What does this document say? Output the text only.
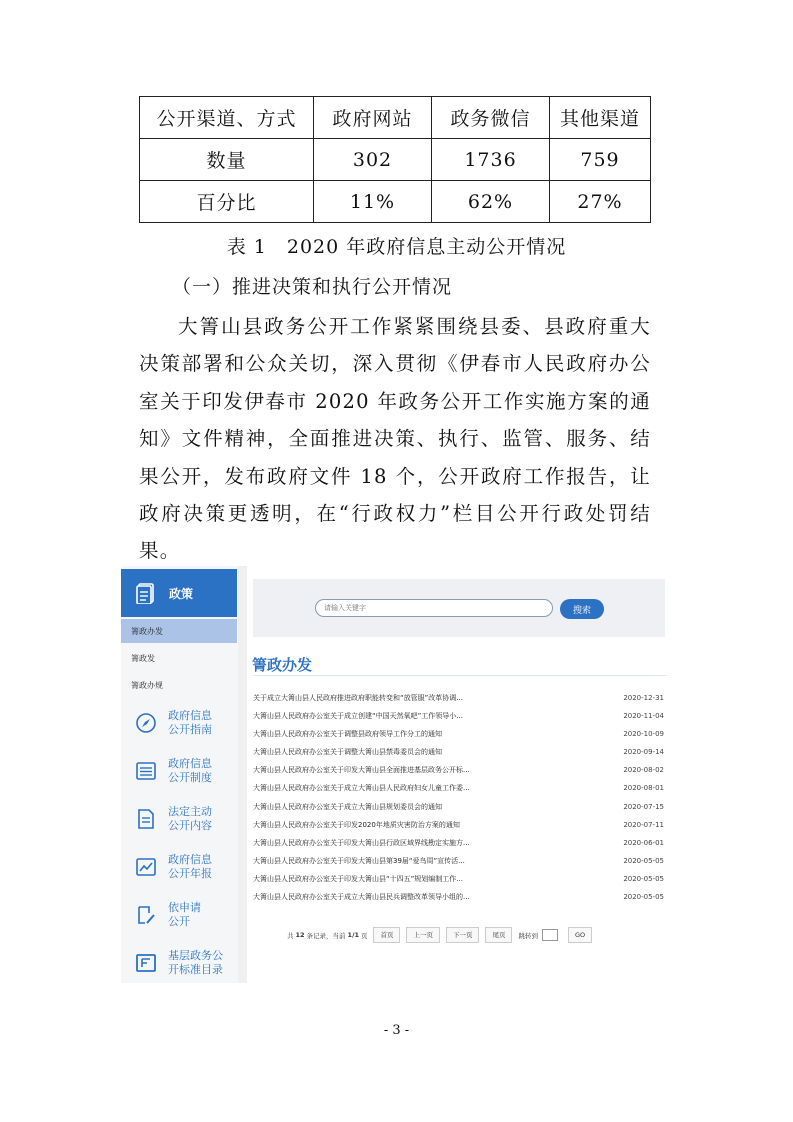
公开渠道、方式	政府网站	政务微信	其他渠道
数量	302	1736	759
百分比	11%	62%	27%
表 1　2020 年政府信息主动公开情况
（一）推进决策和执行公开情况

大箐山县政务公开工作紧紧围绕县委、县政府重大决策部署和公众关切，深入贯彻《伊春市人民政府办公室关于印发伊春市 2020 年政务公开工作实施方案的通知》文件精神，全面推进决策、执行、监管、服务、结果公开，发布政府文件 18 个，公开政府工作报告，让政府决策更透明，在“行政权力”栏目公开行政处罚结果。

政策
箐政办发
箐政发
箐政办规
政府信息
公开指南
政府信息
公开制度
法定主动
公开内容
政府信息
公开年报
依申请
公开
基层政务公
开标准目录
请输入关键字
搜索
箐政办发
关于成立大箐山县人民政府推进政府职能转变和“放管服”改革协调...	2020-12-31
大箐山县人民政府办公室关于成立创建“中国天然氧吧”工作领导小...	2020-11-04
大箐山县人民政府办公室关于调整县政府领导工作分工的通知	2020-10-09
大箐山县人民政府办公室关于调整大箐山县禁毒委员会的通知	2020-09-14
大箐山县人民政府办公室关于印发大箐山县全面推进基层政务公开标...	2020-08-02
大箐山县人民政府办公室关于成立大箐山县人民政府妇女儿童工作委...	2020-08-01
大箐山县人民政府办公室关于成立大箐山县规划委员会的通知	2020-07-15
大箐山县人民政府办公室关于印发2020年地质灾害防治方案的通知	2020-07-11
大箐山县人民政府办公室关于印发大箐山县行政区域界线勘定实施方...	2020-06-01
大箐山县人民政府办公室关于印发大箐山县第39届“爱鸟周”宣传活...	2020-05-05
大箐山县人民政府办公室关于印发大箐山县“十四五”规划编制工作...	2020-05-05
大箐山县人民政府办公室关于成立大箐山县民兵调整改革领导小组的...	2020-05-05
共 12 条记录，当前 1/1 页	首页	上一页	下一页	尾页	跳转到	GO
- 3 -
